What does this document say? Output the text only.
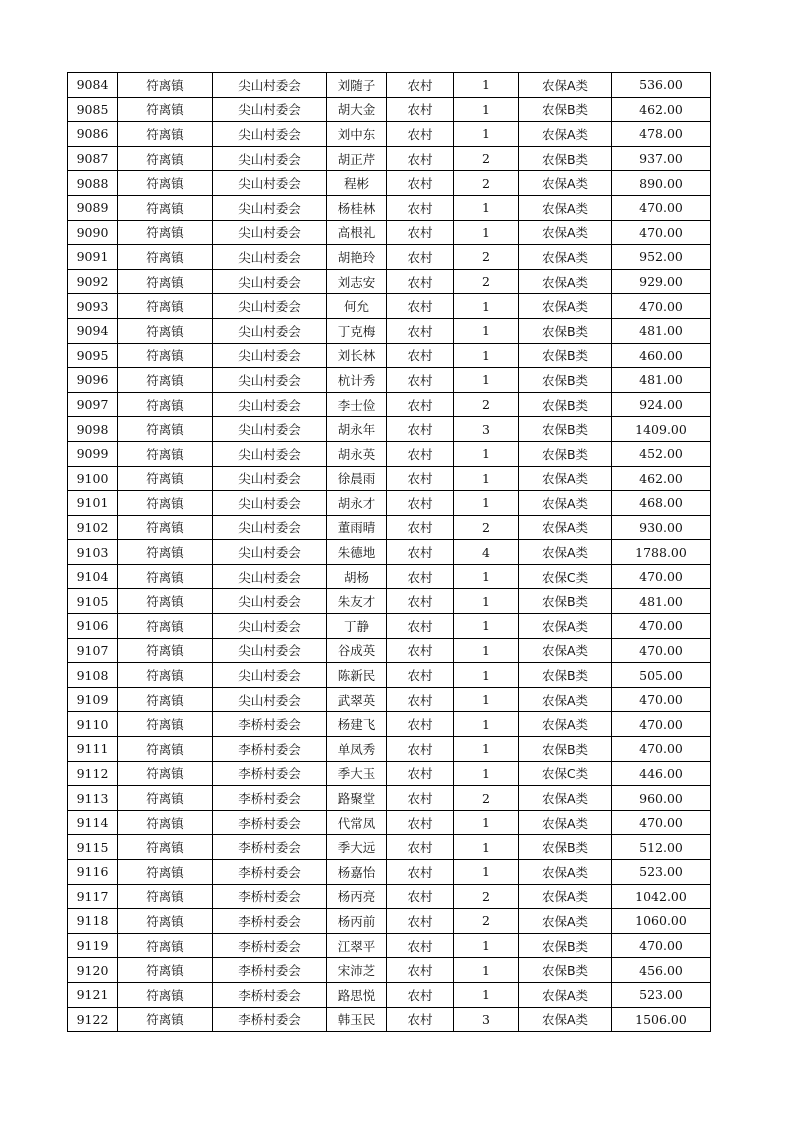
9084	符离镇	尖山村委会	刘随子	农村	1	农保A类	536.00
9085	符离镇	尖山村委会	胡大金	农村	1	农保B类	462.00
9086	符离镇	尖山村委会	刘中东	农村	1	农保A类	478.00
9087	符离镇	尖山村委会	胡正芹	农村	2	农保B类	937.00
9088	符离镇	尖山村委会	程彬	农村	2	农保A类	890.00
9089	符离镇	尖山村委会	杨桂林	农村	1	农保A类	470.00
9090	符离镇	尖山村委会	高根礼	农村	1	农保A类	470.00
9091	符离镇	尖山村委会	胡艳玲	农村	2	农保A类	952.00
9092	符离镇	尖山村委会	刘志安	农村	2	农保A类	929.00
9093	符离镇	尖山村委会	何允	农村	1	农保A类	470.00
9094	符离镇	尖山村委会	丁克梅	农村	1	农保B类	481.00
9095	符离镇	尖山村委会	刘长林	农村	1	农保B类	460.00
9096	符离镇	尖山村委会	杭计秀	农村	1	农保B类	481.00
9097	符离镇	尖山村委会	李士俭	农村	2	农保B类	924.00
9098	符离镇	尖山村委会	胡永年	农村	3	农保B类	1409.00
9099	符离镇	尖山村委会	胡永英	农村	1	农保B类	452.00
9100	符离镇	尖山村委会	徐晨雨	农村	1	农保A类	462.00
9101	符离镇	尖山村委会	胡永才	农村	1	农保A类	468.00
9102	符离镇	尖山村委会	董雨晴	农村	2	农保A类	930.00
9103	符离镇	尖山村委会	朱德地	农村	4	农保A类	1788.00
9104	符离镇	尖山村委会	胡杨	农村	1	农保C类	470.00
9105	符离镇	尖山村委会	朱友才	农村	1	农保B类	481.00
9106	符离镇	尖山村委会	丁静	农村	1	农保A类	470.00
9107	符离镇	尖山村委会	谷成英	农村	1	农保A类	470.00
9108	符离镇	尖山村委会	陈新民	农村	1	农保B类	505.00
9109	符离镇	尖山村委会	武翠英	农村	1	农保A类	470.00
9110	符离镇	李桥村委会	杨建飞	农村	1	农保A类	470.00
9111	符离镇	李桥村委会	单凤秀	农村	1	农保B类	470.00
9112	符离镇	李桥村委会	季大玉	农村	1	农保C类	446.00
9113	符离镇	李桥村委会	路聚堂	农村	2	农保A类	960.00
9114	符离镇	李桥村委会	代常凤	农村	1	农保A类	470.00
9115	符离镇	李桥村委会	季大远	农村	1	农保B类	512.00
9116	符离镇	李桥村委会	杨嘉怡	农村	1	农保A类	523.00
9117	符离镇	李桥村委会	杨丙亮	农村	2	农保A类	1042.00
9118	符离镇	李桥村委会	杨丙前	农村	2	农保A类	1060.00
9119	符离镇	李桥村委会	江翠平	农村	1	农保B类	470.00
9120	符离镇	李桥村委会	宋沛芝	农村	1	农保B类	456.00
9121	符离镇	李桥村委会	路思悦	农村	1	农保A类	523.00
9122	符离镇	李桥村委会	韩玉民	农村	3	农保A类	1506.00
